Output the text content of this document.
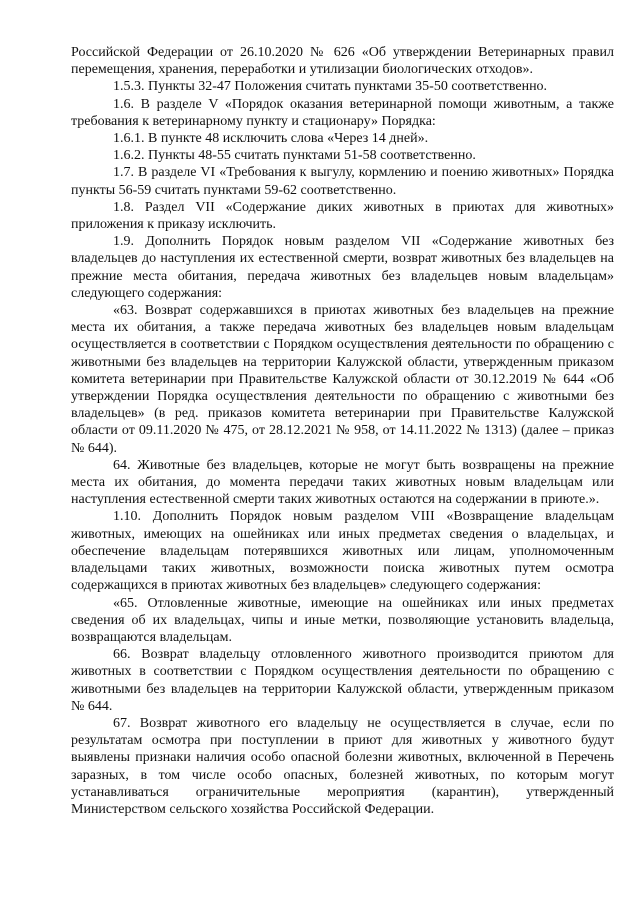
Российской Федерации от 26.10.2020 № 626 «Об утверждении Ветеринарных правил перемещения, хранения, переработки и утилизации биологических отходов».

1.5.3. Пункты 32-47 Положения считать пунктами 35-50 соответственно.

1.6. В разделе V «Порядок оказания ветеринарной помощи животным, а также требования к ветеринарному пункту и стационару» Порядка:

1.6.1. В пункте 48 исключить слова «Через 14 дней».

1.6.2. Пункты 48-55 считать пунктами 51-58 соответственно.

1.7. В разделе VI «Требования к выгулу, кормлению и поению животных» Порядка пункты 56-59 считать пунктами 59-62 соответственно.

1.8. Раздел VII «Содержание диких животных в приютах для животных» приложения к приказу исключить.

1.9. Дополнить Порядок новым разделом VII «Содержание животных без владельцев до наступления их естественной смерти, возврат животных без владельцев на прежние места обитания, передача животных без владельцев новым владельцам» следующего содержания:

«63. Возврат содержавшихся в приютах животных без владельцев на прежние места их обитания, а также передача животных без владельцев новым владельцам осуществляется в соответствии с Порядком осуществления деятельности по обращению с животными без владельцев на территории Калужской области, утвержденным приказом комитета ветеринарии при Правительстве Калужской области от 30.12.2019 № 644 «Об утверждении Порядка осуществления деятельности по обращению с животными без владельцев» (в ред. приказов комитета ветеринарии при Правительстве Калужской области от 09.11.2020 № 475, от 28.12.2021 № 958, от 14.11.2022 № 1313) (далее – приказ № 644).

64. Животные без владельцев, которые не могут быть возвращены на прежние места их обитания, до момента передачи таких животных новым владельцам или наступления естественной смерти таких животных остаются на содержании в приюте.».

1.10. Дополнить Порядок новым разделом VIII «Возвращение владельцам животных, имеющих на ошейниках или иных предметах сведения о владельцах, и обеспечение владельцам потерявшихся животных или лицам, уполномоченным владельцами таких животных, возможности поиска животных путем осмотра содержащихся в приютах животных без владельцев» следующего содержания:

«65. Отловленные животные, имеющие на ошейниках или иных предметах сведения об их владельцах, чипы и иные метки, позволяющие установить владельца, возвращаются владельцам.

66. Возврат владельцу отловленного животного производится приютом для животных в соответствии с Порядком осуществления деятельности по обращению с животными без владельцев на территории Калужской области, утвержденным приказом № 644.

67. Возврат животного его владельцу не осуществляется в случае, если по результатам осмотра при поступлении в приют для животных у животного будут выявлены признаки наличия особо опасной болезни животных, включенной в Перечень заразных, в том числе особо опасных, болезней животных, по которым могут устанавливаться ограничительные мероприятия (карантин), утвержденный Министерством сельского хозяйства Российской Федерации.
